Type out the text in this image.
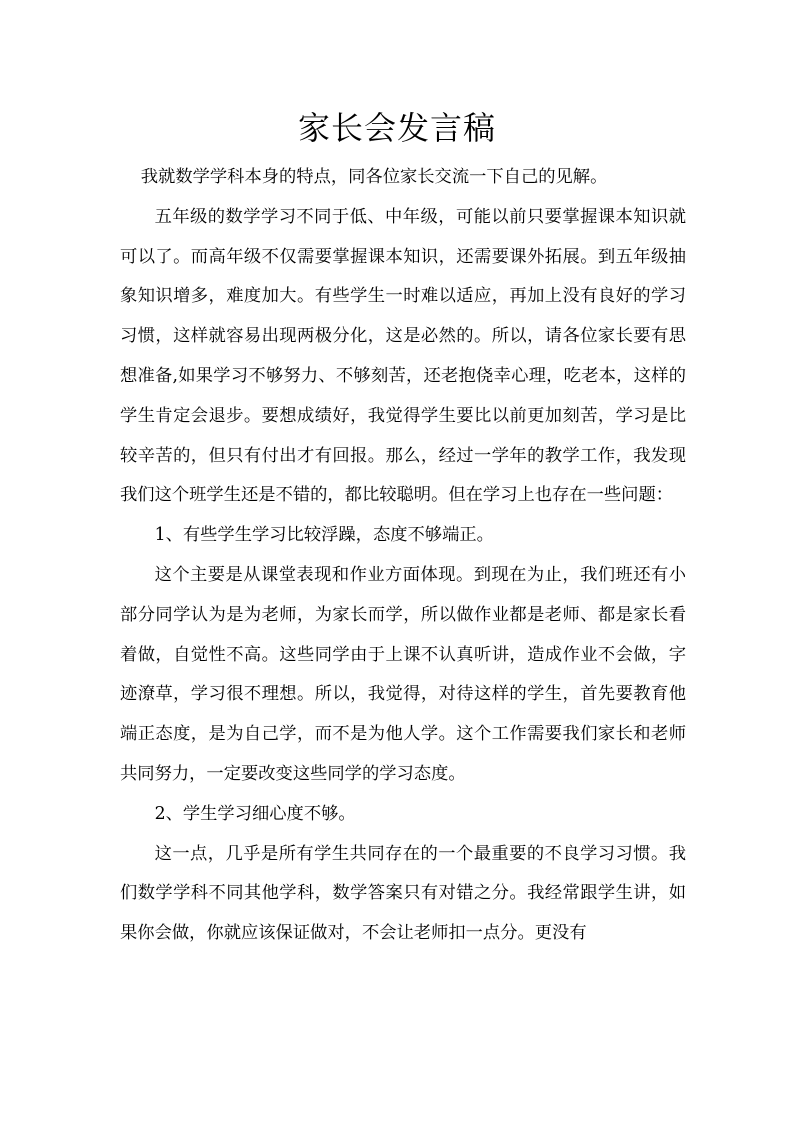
家长会发言稿

我就数学学科本身的特点，同各位家长交流一下自己的见解。

五年级的数学学习不同于低、中年级，可能以前只要掌握课本知识就可以了。而高年级不仅需要掌握课本知识，还需要课外拓展。到五年级抽象知识增多，难度加大。有些学生一时难以适应，再加上没有良好的学习习惯，这样就容易出现两极分化，这是必然的。所以，请各位家长要有思想准备,如果学习不够努力、不够刻苦，还老抱侥幸心理，吃老本，这样的学生肯定会退步。要想成绩好，我觉得学生要比以前更加刻苦，学习是比较辛苦的，但只有付出才有回报。那么，经过一学年的教学工作，我发现我们这个班学生还是不错的，都比较聪明。但在学习上也存在一些问题：

1、有些学生学习比较浮躁，态度不够端正。

这个主要是从课堂表现和作业方面体现。到现在为止，我们班还有小部分同学认为是为老师，为家长而学，所以做作业都是老师、都是家长看着做，自觉性不高。这些同学由于上课不认真听讲，造成作业不会做，字迹潦草，学习很不理想。所以，我觉得，对待这样的学生，首先要教育他端正态度，是为自己学，而不是为他人学。这个工作需要我们家长和老师共同努力，一定要改变这些同学的学习态度。

2、学生学习细心度不够。

这一点，几乎是所有学生共同存在的一个最重要的不良学习习惯。我们数学学科不同其他学科，数学答案只有对错之分。我经常跟学生讲，如果你会做，你就应该保证做对，不会让老师扣一点分。更没有
